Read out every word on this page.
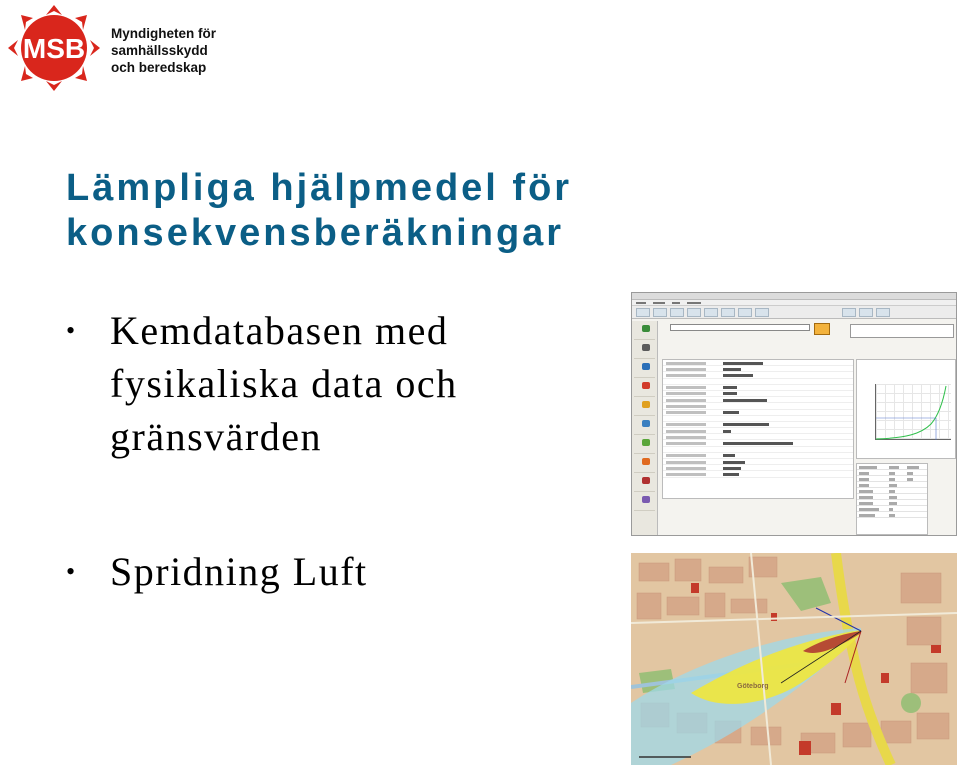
MSB Myndigheten för
samhällsskydd
och beredskap
Lämpliga hjälpmedel för
konsekvensberäkningar
• Kemdatabasen med
fysikaliska data och
gränsvärden
• Spridning Luft

Göteborg
